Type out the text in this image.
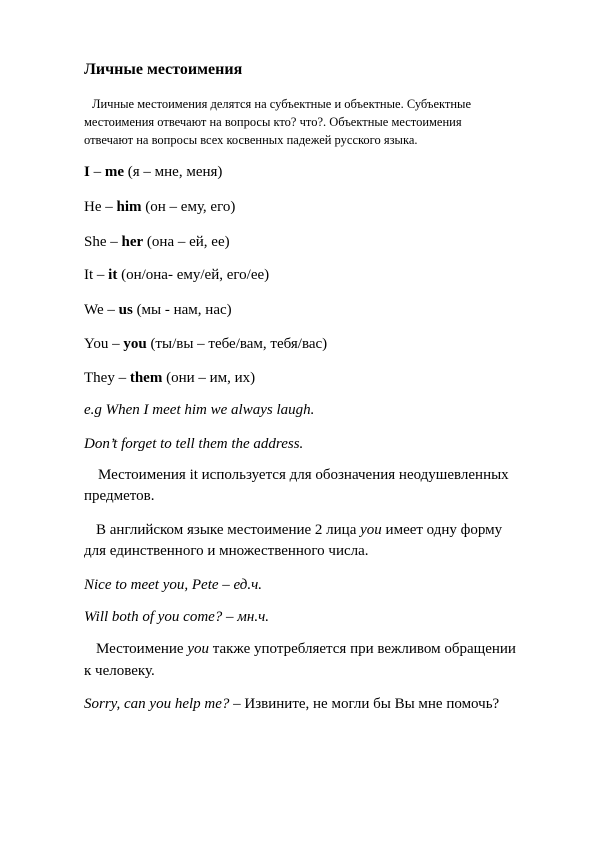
Личные местоимения
Личные местоимения делятся на субъектные и объектные. Субъектные
местоимения отвечают на вопросы кто? что?. Объектные местоимения
отвечают на вопросы всех косвенных падежей русского языка.
I – me (я – мне, меня)
He – him (он – ему, его)
She – her (она – ей, ее)
It – it (он/она- ему/ей, его/ее)
We – us (мы - нам, нас)
You – you (ты/вы – тебе/вам, тебя/вас)
They – them (они – им, их)
e.g When I meet him we always laugh.
Don’t forget to tell them the address.
Местоимения it используется для обозначения неодушевленных
предметов.
В английском языке местоимение 2 лица you имеет одну форму
для единственного и множественного числа.
Nice to meet you, Pete – ед.ч.
Will both of you come? – мн.ч.
Местоимение you также употребляется при вежливом обращении
к человеку.
Sorry, can you help me? – Извините, не могли бы Вы мне помочь?
